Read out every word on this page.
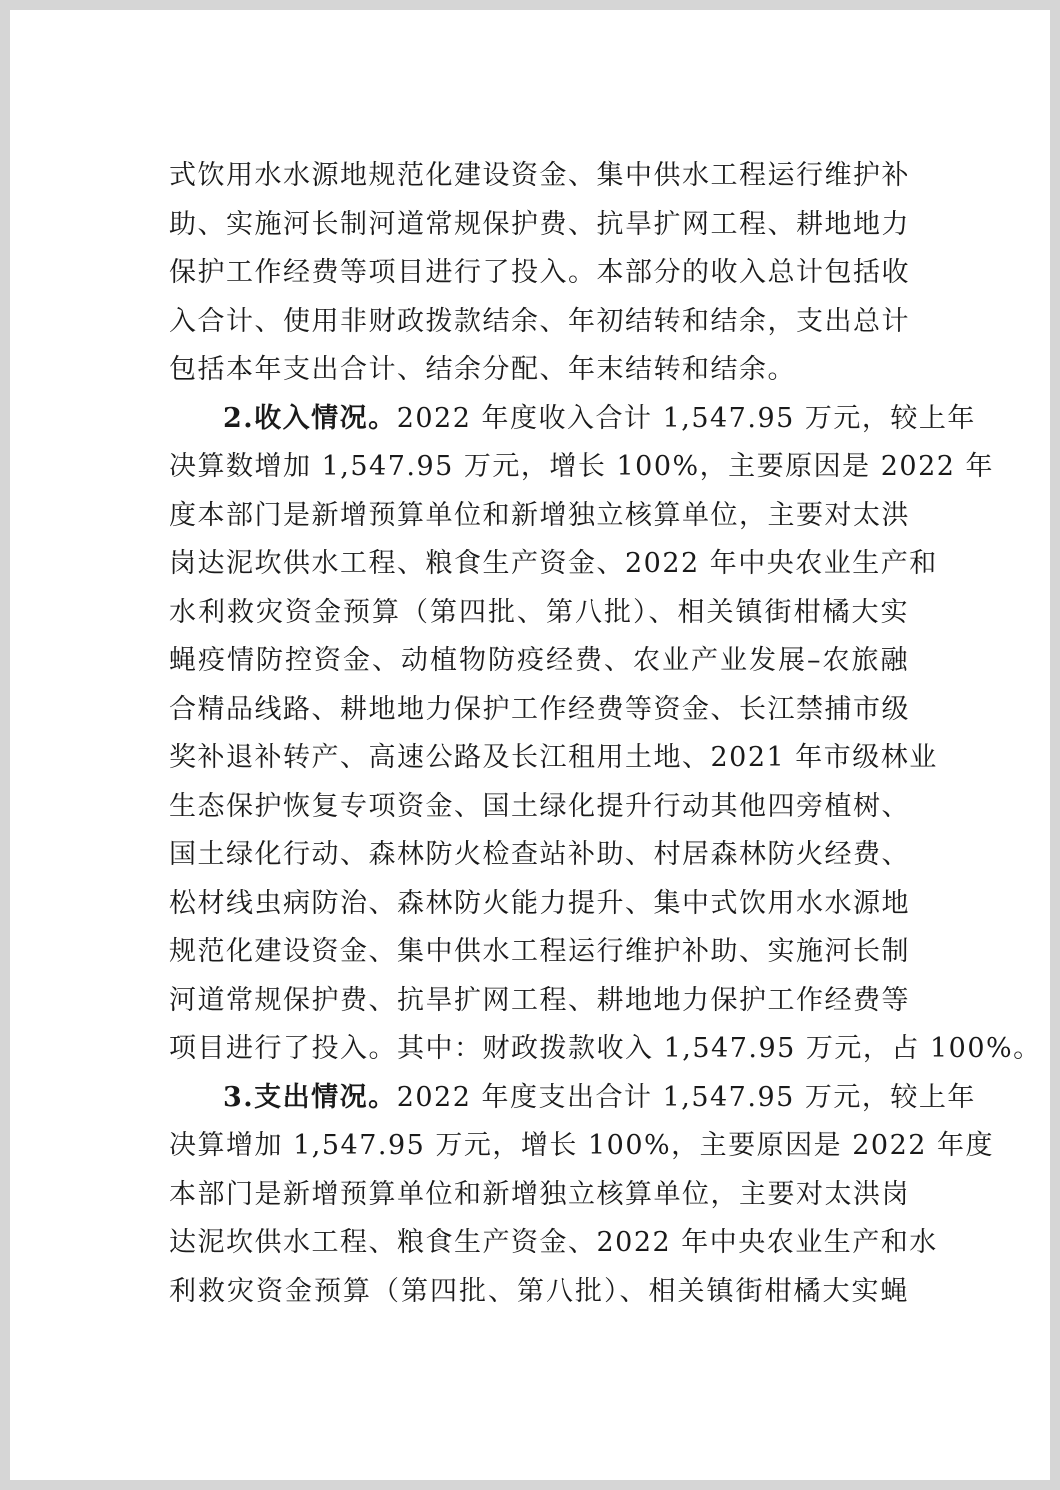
式饮用水水源地规范化建设资金、集中供水工程运行维护补
助、实施河长制河道常规保护费、抗旱扩网工程、耕地地力
保护工作经费等项目进行了投入。本部分的收入总计包括收
入合计、使用非财政拨款结余、年初结转和结余，支出总计
包括本年支出合计、结余分配、年末结转和结余。

2.收入情况。2022 年度收入合计 1,547.95 万元，较上年
决算数增加 1,547.95 万元，增长 100%，主要原因是 2022 年
度本部门是新增预算单位和新增独立核算单位，主要对太洪
岗达泥坎供水工程、粮食生产资金、2022 年中央农业生产和
水利救灾资金预算（第四批、第八批）、相关镇街柑橘大实
蝇疫情防控资金、动植物防疫经费、农业产业发展–农旅融
合精品线路、耕地地力保护工作经费等资金、长江禁捕市级
奖补退补转产、高速公路及长江租用土地、2021 年市级林业
生态保护恢复专项资金、国土绿化提升行动其他四旁植树、
国土绿化行动、森林防火检查站补助、村居森林防火经费、
松材线虫病防治、森林防火能力提升、集中式饮用水水源地
规范化建设资金、集中供水工程运行维护补助、实施河长制
河道常规保护费、抗旱扩网工程、耕地地力保护工作经费等
项目进行了投入。其中：财政拨款收入 1,547.95 万元，占 100%。

3.支出情况。2022 年度支出合计 1,547.95 万元，较上年
决算增加 1,547.95 万元，增长 100%，主要原因是 2022 年度
本部门是新增预算单位和新增独立核算单位，主要对太洪岗
达泥坎供水工程、粮食生产资金、2022 年中央农业生产和水
利救灾资金预算（第四批、第八批）、相关镇街柑橘大实蝇
